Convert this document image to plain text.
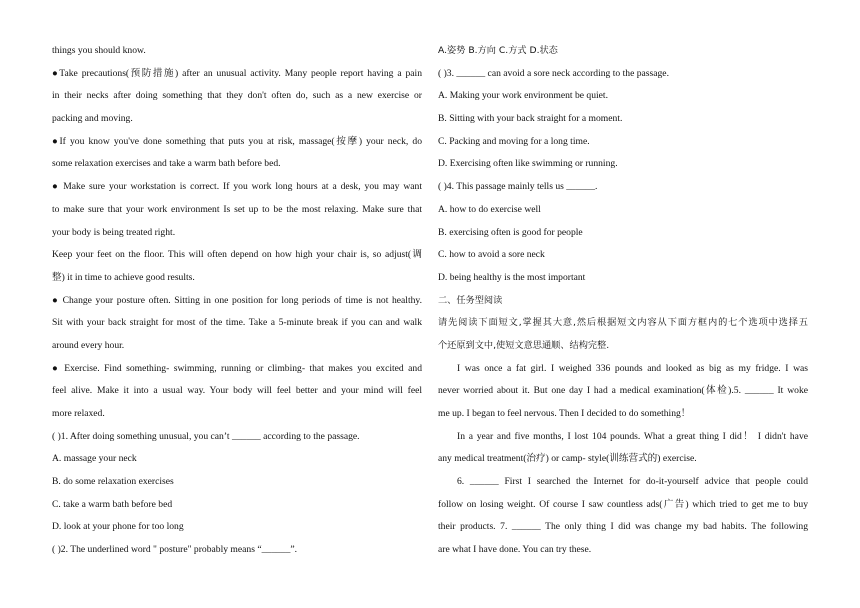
things you should know.
●Take precautions(预防措施) after an unusual activity. Many people report having a pain
in their necks after doing something that they don't often do, such as a new exercise or
packing and moving.
●If you know you've done something that puts you at risk, massage(按摩) your neck, do
some relaxation exercises and take a warm bath before bed.
● Make sure your workstation is correct. If you work long hours at a desk, you may want
to make sure that your work environment Is set up to be the most relaxing. Make sure that
your body is being treated right.
Keep your feet on the floor. This will often depend on how high your chair is, so adjust(调
整) it in time to achieve good results.
● Change your posture often. Sitting in one position for long periods of time is not healthy.
Sit with your back straight for most of the time. Take a 5-minute break if you can and walk
around every hour.
● Exercise. Find something- swimming, running or climbing- that makes you excited and
feel alive. Make it into a usual way. Your body will feel better and your mind will feel
more relaxed.
( )1. After doing something unusual, you can’t ______ according to the passage.
A. massage your neck
B. do some relaxation exercises
C. take a warm bath before bed
D. look at your phone for too long
( )2. The underlined word " posture" probably means “______”.
A.姿势 B.方向 C.方式 D.状态
( )3. ______ can avoid a sore neck according to the passage.
A. Making your work environment be quiet.
B. Sitting with your back straight for a moment.
C. Packing and moving for a long time.
D. Exercising often like swimming or running.
( )4. This passage mainly tells us ______.
A. how to do exercise well
B. exercising often is good for people
C. how to avoid a sore neck
D. being healthy is the most important
二、任务型阅读
请先阅读下面短文,掌握其大意,然后根据短文内容从下面方框内的七个选项中选择五
个还原到文中,使短文意思通顺、结构完整.
I was once a fat girl. I weighed 336 pounds and looked as big as my fridge. I was
never worried about it. But one day I had a medical examination(体检).5. ______ It woke
me up. I began to feel nervous. Then I decided to do something！
In a year and five months, I lost 104 pounds. What a great thing I did！ I didn't have
any medical treatment(治疗) or camp- style(训练营式的) exercise.
6. ______ First I searched the Internet for do-it-yourself advice that people could
follow on losing weight. Of course I saw countless ads(广告) which tried to get me to buy
their products. 7. ______ The only thing I did was change my bad habits. The following
are what I have done. You can try these.
